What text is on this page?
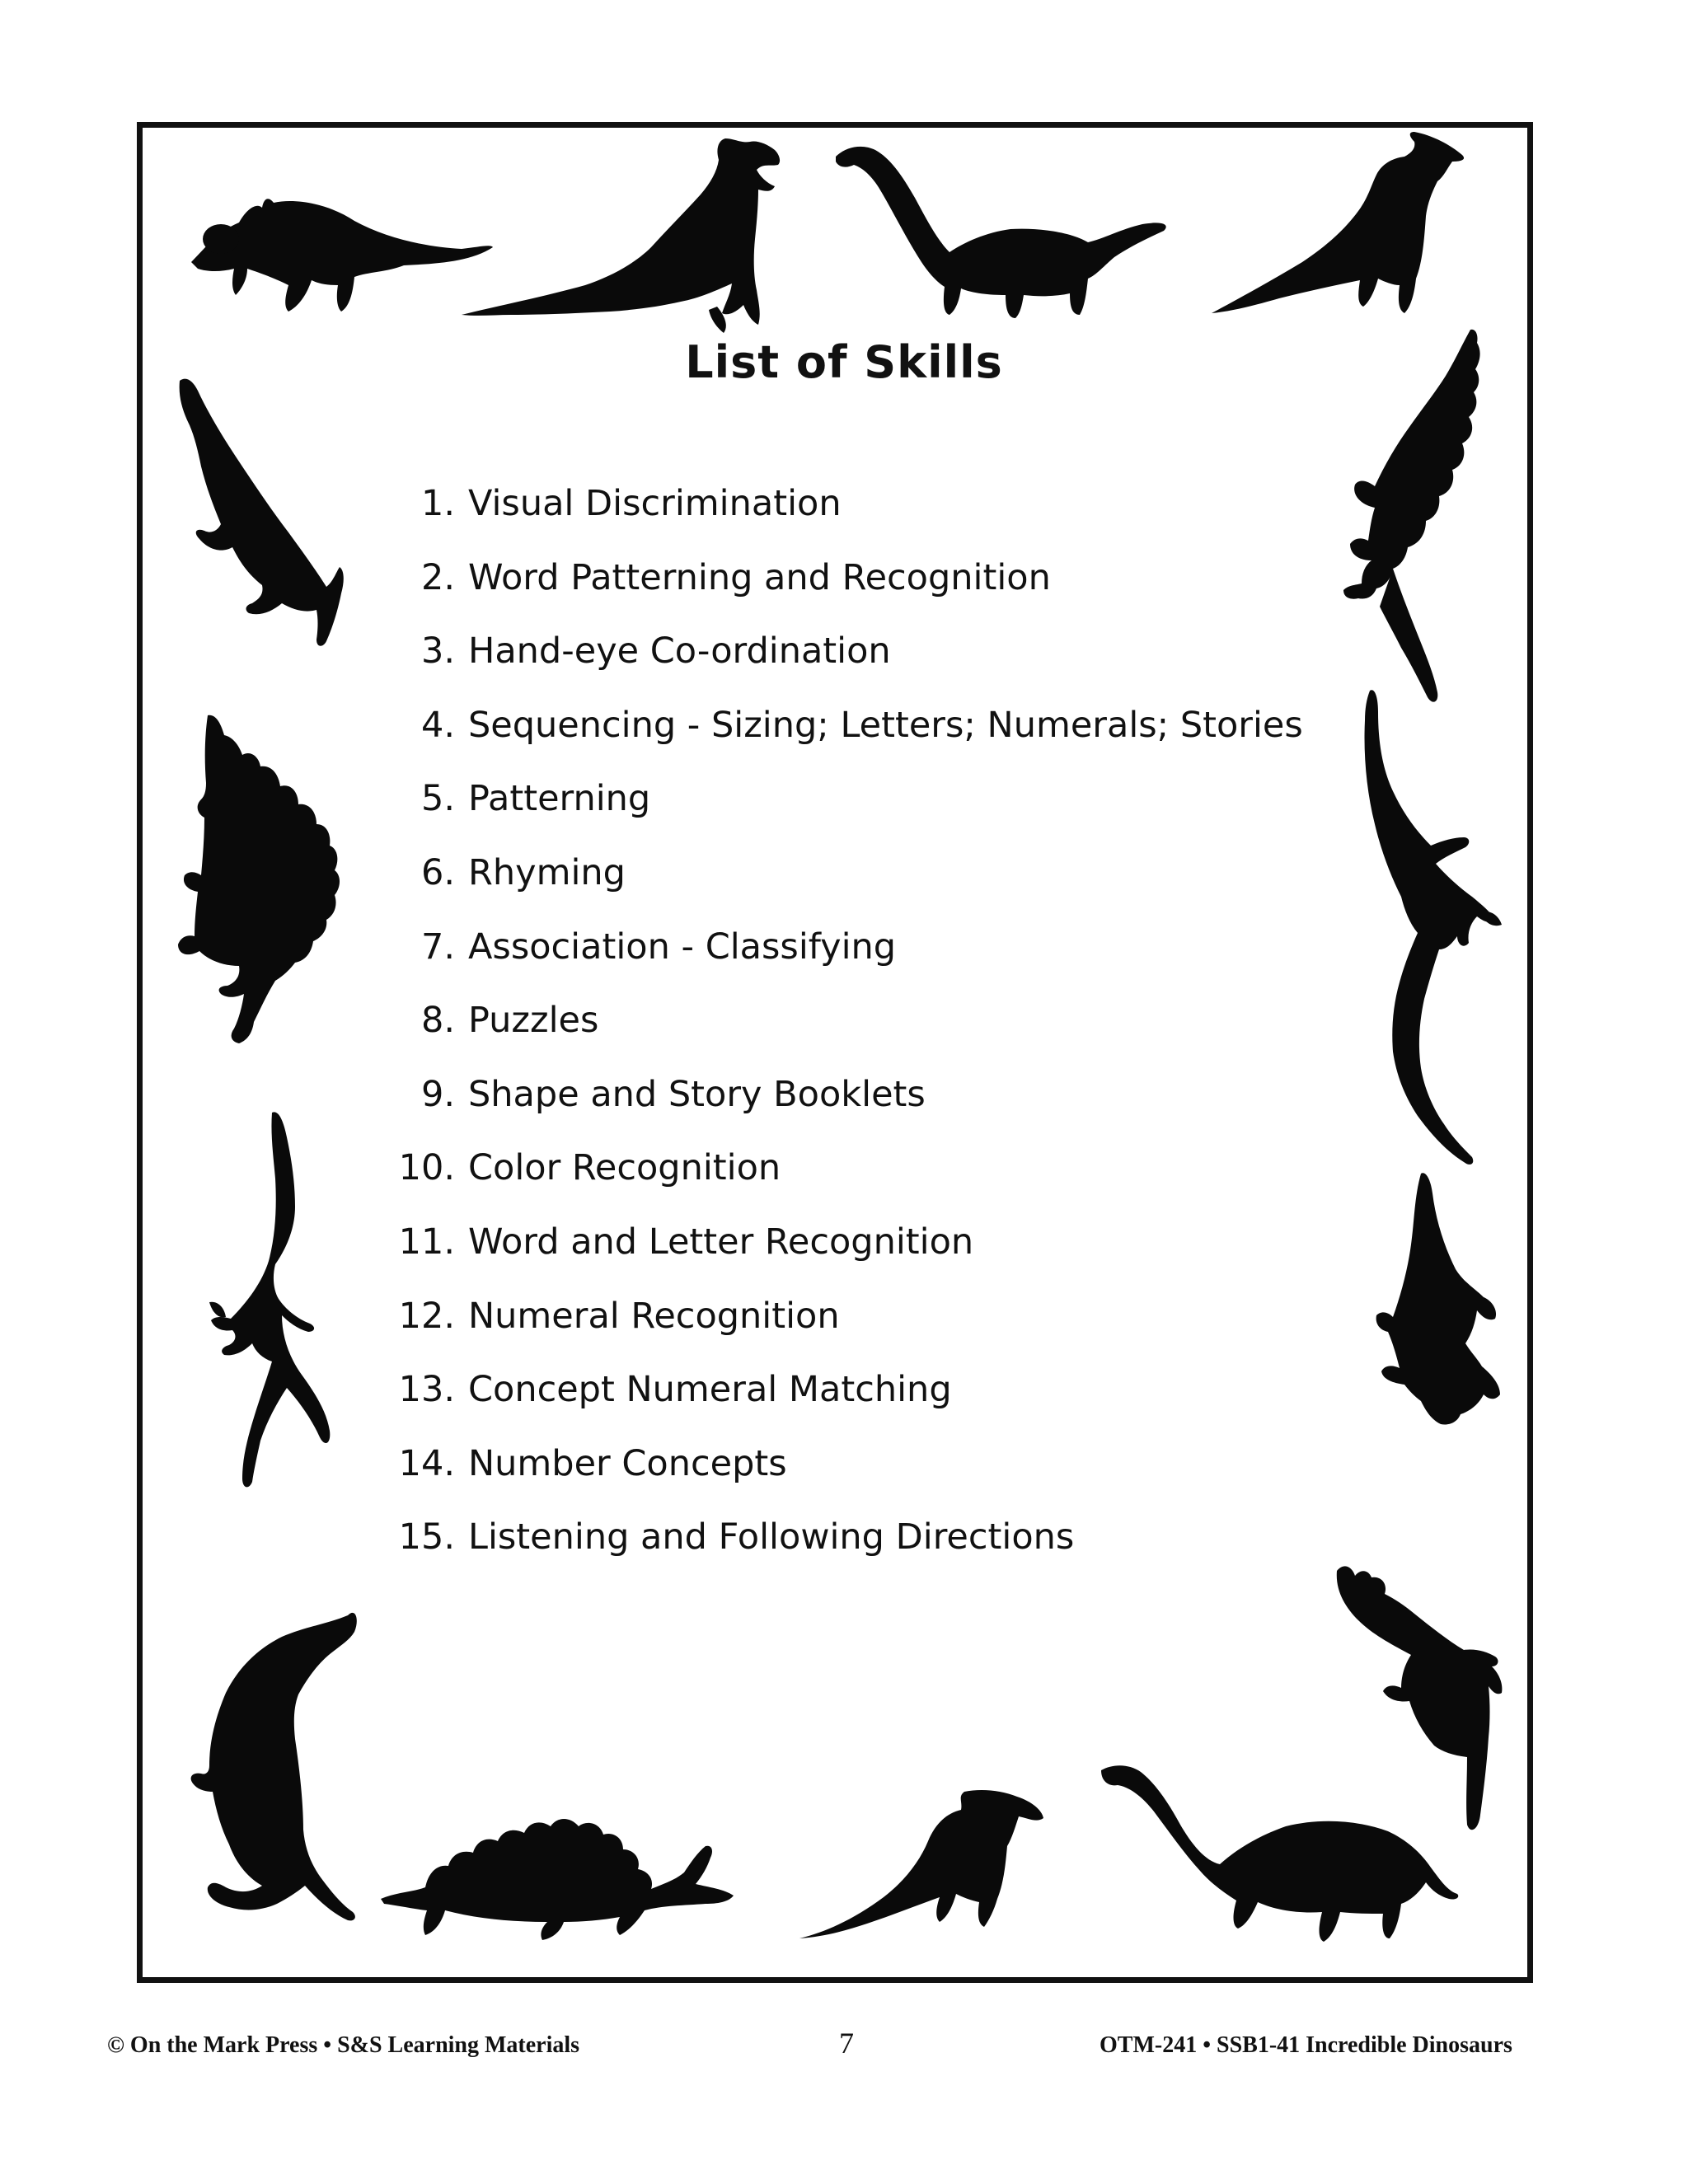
List of Skills
1. Visual Discrimination
2. Word Patterning and Recognition
3. Hand-eye Co-ordination
4. Sequencing - Sizing; Letters; Numerals; Stories
5. Patterning
6. Rhyming
7. Association - Classifying
8. Puzzles
9. Shape and Story Booklets
10. Color Recognition
11. Word and Letter Recognition
12. Numeral Recognition
13. Concept Numeral Matching
14. Number Concepts
15. Listening and Following Directions
© On the Mark Press • S&S Learning Materials	7	OTM-241 • SSB1-41 Incredible Dinosaurs
